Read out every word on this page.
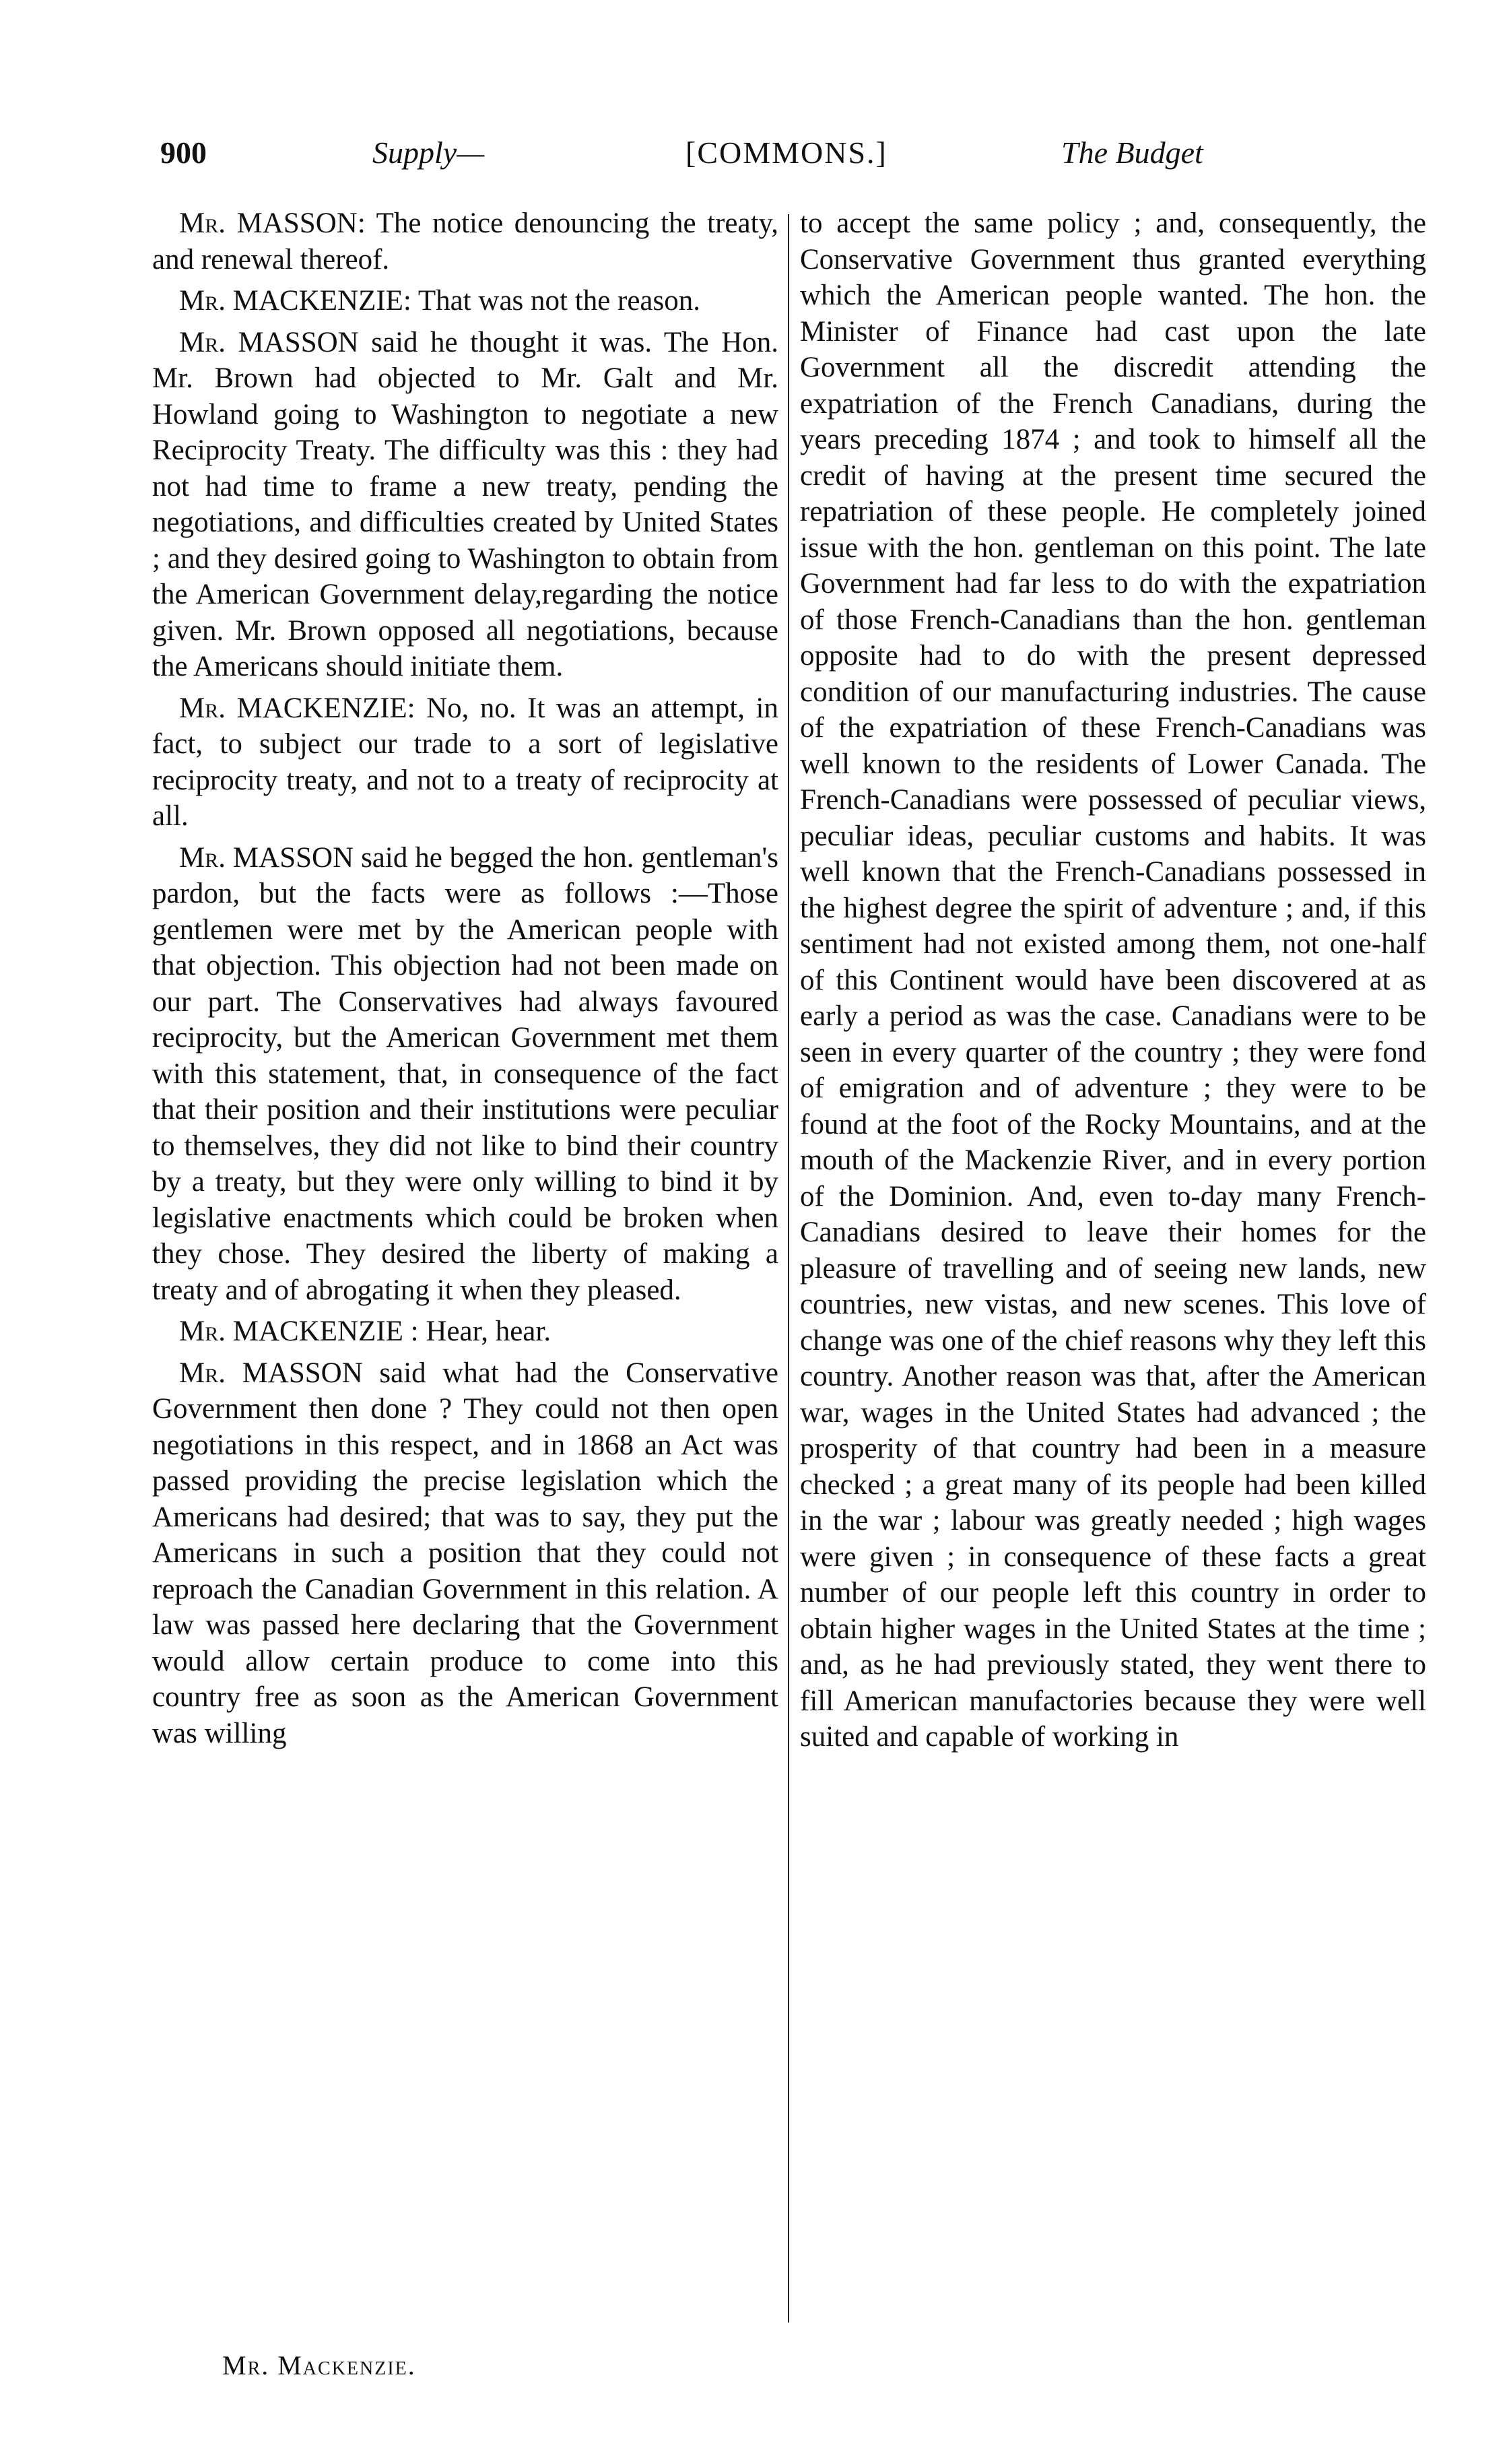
900	Supply—	[COMMONS.]	The Budget

Mr. MASSON: The notice denouncing the treaty, and renewal thereof.

Mr. MACKENZIE: That was not the reason.

Mr. MASSON said he thought it was. The Hon. Mr. Brown had objected to Mr. Galt and Mr. Howland going to Washington to negotiate a new Reciprocity Treaty. The difficulty was this : they had not had time to frame a new treaty, pending the negotiations, and difficulties created by United States ; and they desired going to Washington to obtain from the American Government delay,regarding the notice given. Mr. Brown opposed all negotiations, because the Americans should initiate them.

Mr. MACKENZIE: No, no. It was an attempt, in fact, to subject our trade to a sort of legislative reciprocity treaty, and not to a treaty of reciprocity at all.

Mr. MASSON said he begged the hon. gentleman's pardon, but the facts were as follows :—Those gentlemen were met by the American people with that objection. This objection had not been made on our part. The Conservatives had always favoured reciprocity, but the American Government met them with this statement, that, in consequence of the fact that their position and their institutions were peculiar to themselves, they did not like to bind their country by a treaty, but they were only willing to bind it by legislative enactments which could be broken when they chose. They desired the liberty of making a treaty and of abrogating it when they pleased.

Mr. MACKENZIE : Hear, hear.

Mr. MASSON said what had the Conservative Government then done ? They could not then open negotiations in this respect, and in 1868 an Act was passed providing the precise legislation which the Americans had desired; that was to say, they put the Americans in such a position that they could not reproach the Canadian Government in this relation. A law was passed here declaring that the Government would allow certain produce to come into this country free as soon as the American Government was willing

to accept the same policy ; and, consequently, the Conservative Government thus granted everything which the American people wanted. The hon. the Minister of Finance had cast upon the late Government all the discredit attending the expatriation of the French Canadians, during the years preceding 1874 ; and took to himself all the credit of having at the present time secured the repatriation of these people. He completely joined issue with the hon. gentleman on this point. The late Government had far less to do with the expatriation of those French-Canadians than the hon. gentleman opposite had to do with the present depressed condition of our manufacturing industries. The cause of the expatriation of these French-Canadians was well known to the residents of Lower Canada. The French-Canadians were possessed of peculiar views, peculiar ideas, peculiar customs and habits. It was well known that the French-Canadians possessed in the highest degree the spirit of adventure ; and, if this sentiment had not existed among them, not one-half of this Continent would have been discovered at as early a period as was the case. Canadians were to be seen in every quarter of the country ; they were fond of emigration and of adventure ; they were to be found at the foot of the Rocky Mountains, and at the mouth of the Mackenzie River, and in every portion of the Dominion. And, even to-day many French-Canadians desired to leave their homes for the pleasure of travelling and of seeing new lands, new countries, new vistas, and new scenes. This love of change was one of the chief reasons why they left this country. Another reason was that, after the American war, wages in the United States had advanced ; the prosperity of that country had been in a measure checked ; a great many of its people had been killed in the war ; labour was greatly needed ; high wages were given ; in consequence of these facts a great number of our people left this country in order to obtain higher wages in the United States at the time ; and, as he had previously stated, they went there to fill American manufactories because they were well suited and capable of working in

Mr. Mackenzie.
